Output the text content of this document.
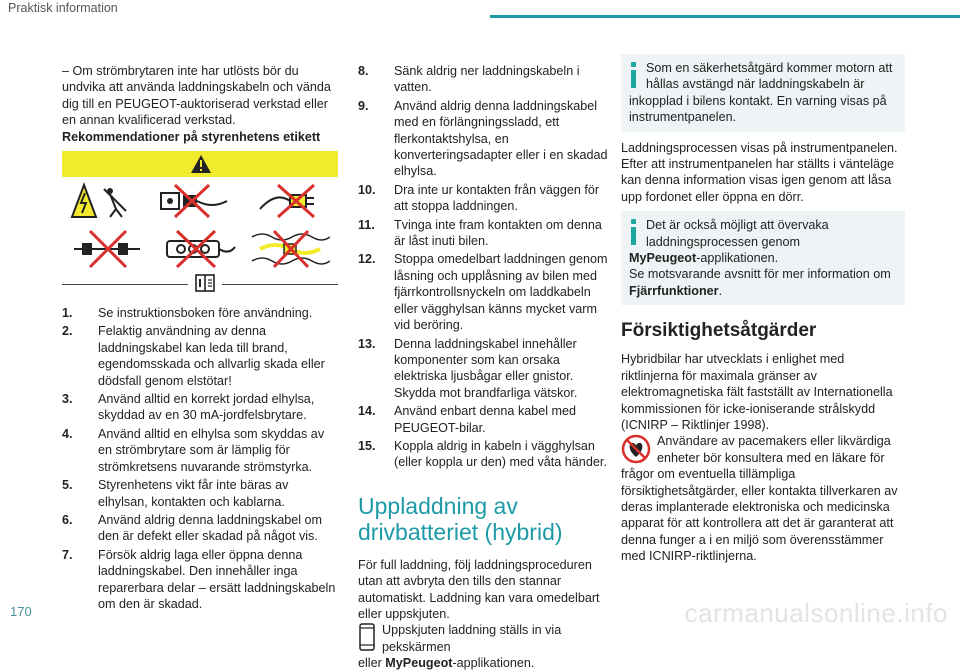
Praktisk information

– Om strömbrytaren inte har utlösts bör du undvika att använda laddningskabeln och vända dig till en PEUGEOT-auktoriserad verkstad eller en annan kvalificerad verkstad.

Rekommendationer på styrenhetens etikett

1. Se instruktionsboken före användning.
2. Felaktig användning av denna laddningskabel kan leda till brand, egendomsskada och allvarlig skada eller dödsfall genom elstötar!
3. Använd alltid en korrekt jordad elhylsa, skyddad av en 30 mA-jordfelsbrytare.
4. Använd alltid en elhylsa som skyddas av en strömbrytare som är lämplig för strömkretsens nuvarande strömstyrka.
5. Styrenhetens vikt får inte bäras av elhylsan, kontakten och kablarna.
6. Använd aldrig denna laddningskabel om den är defekt eller skadad på något vis.
7. Försök aldrig laga eller öppna denna laddningskabel. Den innehåller inga reparerbara delar – ersätt laddningskabeln om den är skadad.
8. Sänk aldrig ner laddningskabeln i vatten.
9. Använd aldrig denna laddningskabel med en förlängningssladd, ett flerkontaktshylsa, en konverteringsadapter eller i en skadad elhylsa.
10. Dra inte ur kontakten från väggen för att stoppa laddningen.
11. Tvinga inte fram kontakten om denna är låst inuti bilen.
12. Stoppa omedelbart laddningen genom låsning och upplåsning av bilen med fjärrkontrollsnyckeln om laddkabeln eller vägghylsan känns mycket varm vid beröring.
13. Denna laddningskabel innehåller komponenter som kan orsaka elektriska ljusbågar eller gnistor. Skydda mot brandfarliga vätskor.
14. Använd enbart denna kabel med PEUGEOT-bilar.
15. Koppla aldrig in kabeln i vägghylsan (eller koppla ur den) med våta händer.
Uppladdning av drivbatteriet (hybrid)

För full laddning, följ laddningsproceduren utan att avbryta den tills den stannar automatiskt. Laddning kan vara omedelbart eller uppskjuten.

Uppskjuten laddning ställs in via pekskärmen
eller MyPeugeot-applikationen.

Som en säkerhetsåtgärd kommer motorn att hållas avstängd när laddningskabeln är inkopplad i bilens kontakt. En varning visas på instrumentpanelen.

Laddningsprocessen visas på instrumentpanelen. Efter att instrumentpanelen har ställts i vänteläge kan denna information visas igen genom att låsa upp fordonet eller öppna en dörr.

Det är också möjligt att övervaka laddningsprocessen genom
MyPeugeot-applikationen.
Se motsvarande avsnitt för mer information om Fjärrfunktioner.
Försiktighetsåtgärder

Hybridbilar har utvecklats i enlighet med riktlinjerna för maximala gränser av elektromagnetiska fält fastställt av Internationella kommissionen för icke-ioniserande strålskydd (ICNIRP – Riktlinjer 1998).

Användare av pacemakers eller likvärdiga enheter bör konsultera med en läkare för frågor om eventuella tillämpliga försiktighetsåtgärder, eller kontakta tillverkaren av deras implanterade elektroniska och medicinska apparat för att kontrollera att det är garanterat att denna funger a i en miljö som överensstämmer med ICNIRP-riktlinjerna.

170	carmanualsonline.info
